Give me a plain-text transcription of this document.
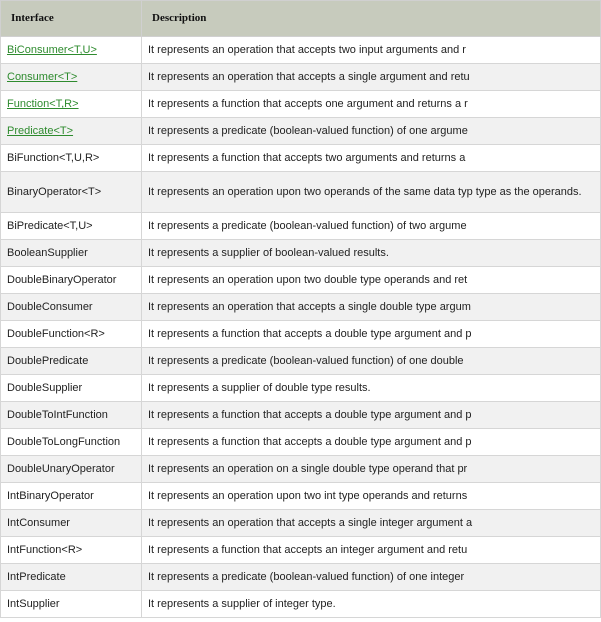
Interface	Description
BiConsumer<T,U>	It represents an operation that accepts two input arguments and r
Consumer<T>	It represents an operation that accepts a single argument and retu
Function<T,R>	It represents a function that accepts one argument and returns a r
Predicate<T>	It represents a predicate (boolean-valued function) of one argume
BiFunction<T,U,R>	It represents a function that accepts two arguments and returns a
BinaryOperator<T>	It represents an operation upon two operands of the same data typ type as the operands.
BiPredicate<T,U>	It represents a predicate (boolean-valued function) of two argume
BooleanSupplier	It represents a supplier of boolean-valued results.
DoubleBinaryOperator	It represents an operation upon two double type operands and ret
DoubleConsumer	It represents an operation that accepts a single double type argum
DoubleFunction<R>	It represents a function that accepts a double type argument and p
DoublePredicate	It represents a predicate (boolean-valued function) of one double
DoubleSupplier	It represents a supplier of double type results.
DoubleToIntFunction	It represents a function that accepts a double type argument and p
DoubleToLongFunction	It represents a function that accepts a double type argument and p
DoubleUnaryOperator	It represents an operation on a single double type operand that pr
IntBinaryOperator	It represents an operation upon two int type operands and returns
IntConsumer	It represents an operation that accepts a single integer argument a
IntFunction<R>	It represents a function that accepts an integer argument and retu
IntPredicate	It represents a predicate (boolean-valued function) of one integer
IntSupplier	It represents a supplier of integer type.
